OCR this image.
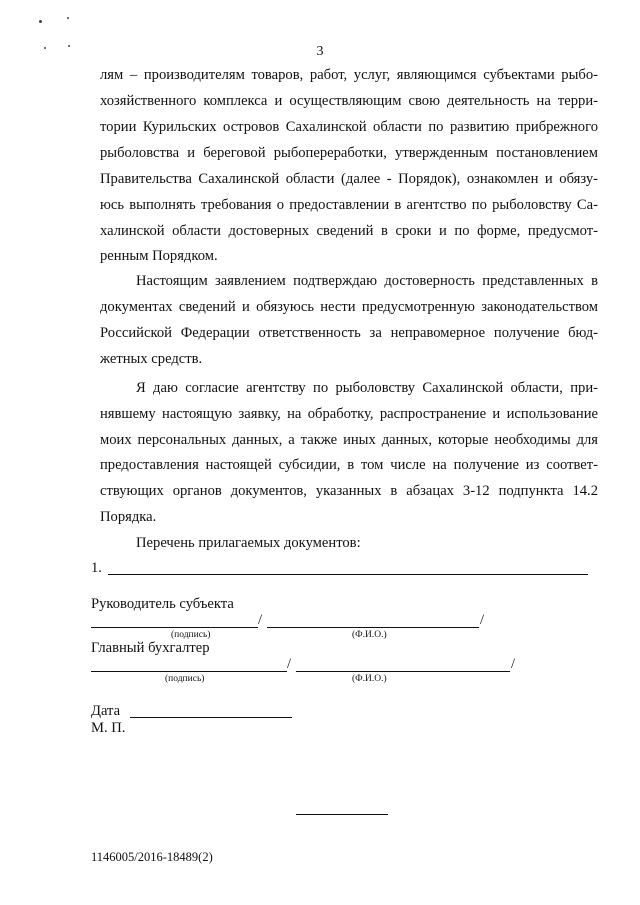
3
лям – производителям товаров, работ, услуг, являющимся субъектами рыбо-
хозяйственного комплекса и осуществляющим свою деятельность на терри-
тории Курильских островов Сахалинской области по развитию прибрежного
рыболовства и береговой рыбопереработки, утвержденным постановлением
Правительства Сахалинской области (далее - Порядок), ознакомлен и обязу-
юсь выполнять требования о предоставлении в агентство по рыболовству Са-
халинской области достоверных сведений в сроки и по форме, предусмот-
ренным Порядком.
Настоящим заявлением подтверждаю достоверность представленных в
документах сведений и обязуюсь нести предусмотренную законодательством
Российской Федерации ответственность за неправомерное получение бюд-
жетных средств.
Я даю согласие агентству по рыболовству Сахалинской области, при-
нявшему настоящую заявку, на обработку, распространение и использование
моих персональных данных, а также иных данных, которые необходимы для
предоставления настоящей субсидии, в том числе на получение из соответ-
ствующих органов документов, указанных в абзацах 3-12 подпункта 14.2
Порядка.
Перечень прилагаемых документов:
1.
Руководитель субъекта
/	/
(подпись)	(Ф.И.О.)
Главный бухгалтер
/	/
(подпись)	(Ф.И.О.)
Дата
М. П.
1146005/2016-18489(2)
